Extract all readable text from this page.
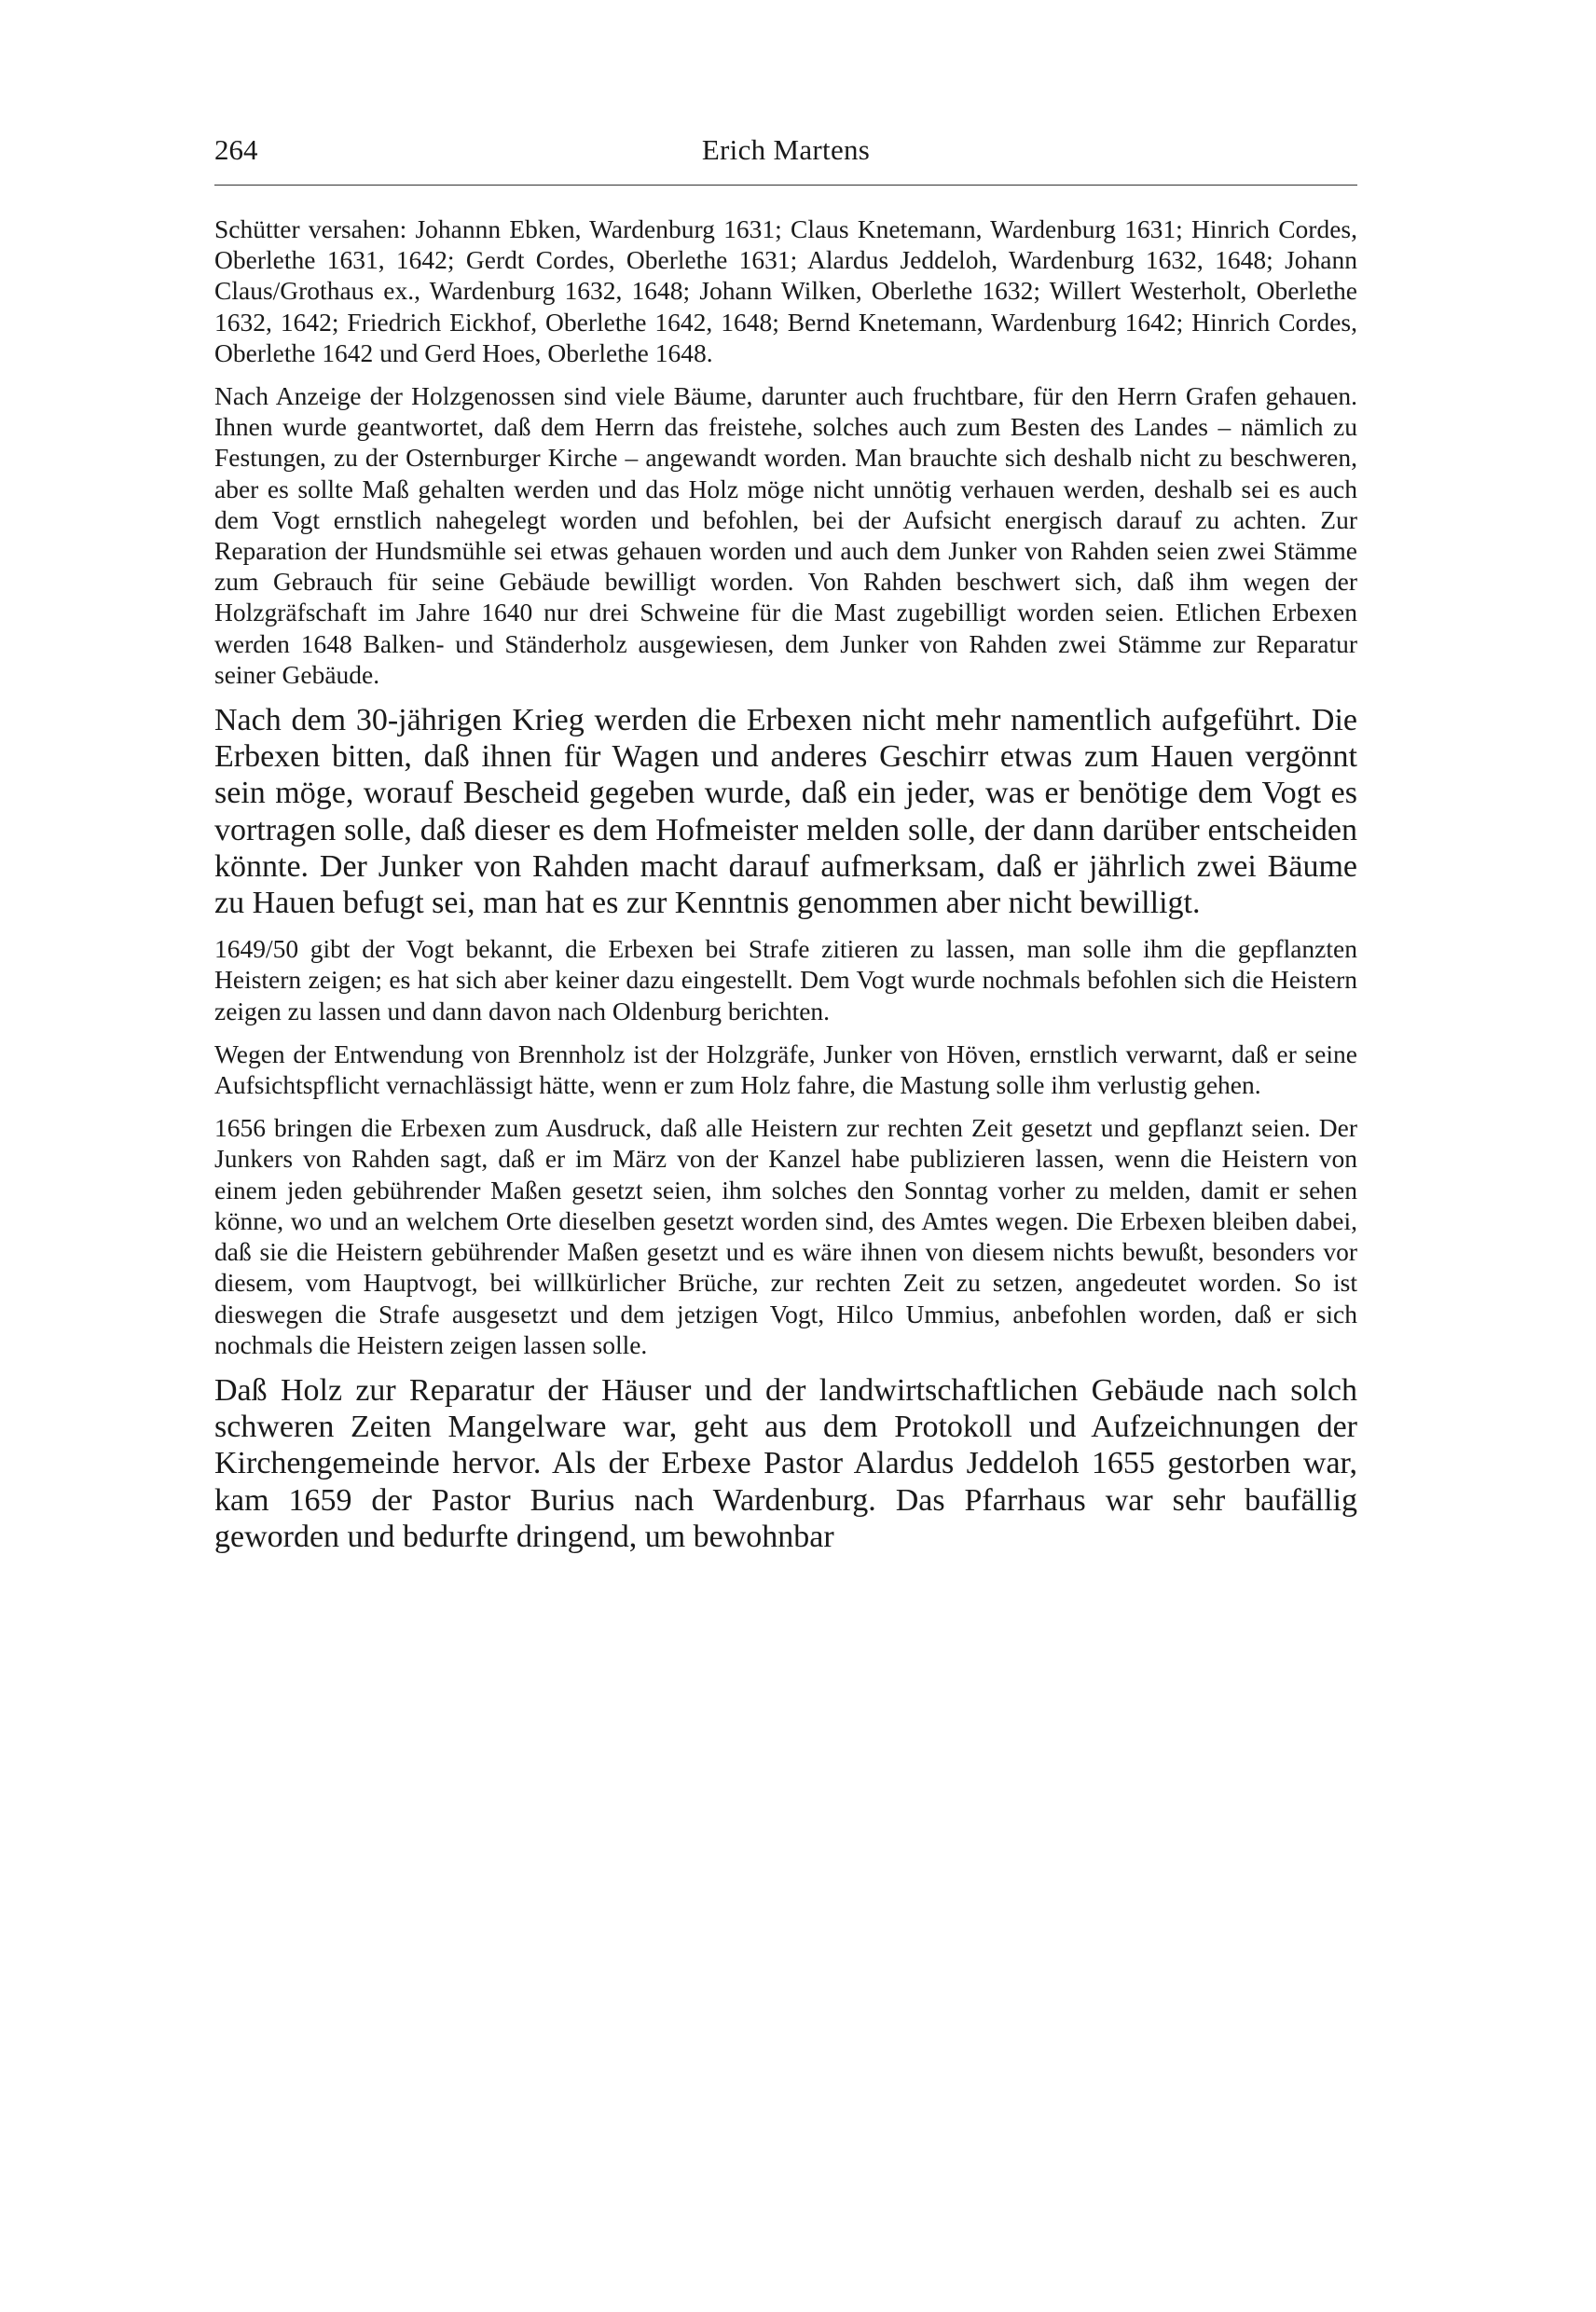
264	Erich Martens

Schütter versahen: Johannn Ebken, Wardenburg 1631; Claus Knetemann, Wardenburg 1631; Hinrich Cordes, Oberlethe 1631, 1642; Gerdt Cordes, Oberlethe 1631; Alardus Jeddeloh, Wardenburg 1632, 1648; Johann Claus/Grothaus ex., Wardenburg 1632, 1648; Johann Wilken, Oberlethe 1632; Willert Westerholt, Oberlethe 1632, 1642; Friedrich Eickhof, Oberlethe 1642, 1648; Bernd Knetemann, Wardenburg 1642; Hinrich Cordes, Oberlethe 1642 und Gerd Hoes, Oberlethe 1648.

Nach Anzeige der Holzgenossen sind viele Bäume, darunter auch fruchtbare, für den Herrn Grafen gehauen. Ihnen wurde geantwortet, daß dem Herrn das freistehe, solches auch zum Besten des Landes – nämlich zu Festungen, zu der Osternburger Kirche – angewandt worden. Man brauchte sich deshalb nicht zu beschweren, aber es sollte Maß gehalten werden und das Holz möge nicht unnötig verhauen werden, deshalb sei es auch dem Vogt ernstlich nahegelegt worden und befohlen, bei der Aufsicht energisch darauf zu achten. Zur Reparation der Hundsmühle sei etwas gehauen worden und auch dem Junker von Rahden seien zwei Stämme zum Gebrauch für seine Gebäude bewilligt worden. Von Rahden beschwert sich, daß ihm wegen der Holzgräfschaft im Jahre 1640 nur drei Schweine für die Mast zugebilligt worden seien. Etlichen Erbexen werden 1648 Balken- und Ständerholz ausgewiesen, dem Junker von Rahden zwei Stämme zur Reparatur seiner Gebäude.

Nach dem 30-jährigen Krieg werden die Erbexen nicht mehr namentlich aufgeführt. Die Erbexen bitten, daß ihnen für Wagen und anderes Geschirr etwas zum Hauen vergönnt sein möge, worauf Bescheid gegeben wurde, daß ein jeder, was er benötige dem Vogt es vortragen solle, daß dieser es dem Hofmeister melden solle, der dann darüber entscheiden könnte. Der Junker von Rahden macht darauf aufmerksam, daß er jährlich zwei Bäume zu Hauen befugt sei, man hat es zur Kenntnis genommen aber nicht bewilligt.

1649/50 gibt der Vogt bekannt, die Erbexen bei Strafe zitieren zu lassen, man solle ihm die gepflanzten Heistern zeigen; es hat sich aber keiner dazu eingestellt. Dem Vogt wurde nochmals befohlen sich die Heistern zeigen zu lassen und dann davon nach Oldenburg berichten.

Wegen der Entwendung von Brennholz ist der Holzgräfe, Junker von Höven, ernstlich verwarnt, daß er seine Aufsichtspflicht vernachlässigt hätte, wenn er zum Holz fahre, die Mastung solle ihm verlustig gehen.

1656 bringen die Erbexen zum Ausdruck, daß alle Heistern zur rechten Zeit gesetzt und gepflanzt seien. Der Junkers von Rahden sagt, daß er im März von der Kanzel habe publizieren lassen, wenn die Heistern von einem jeden gebührender Maßen gesetzt seien, ihm solches den Sonntag vorher zu melden, damit er sehen könne, wo und an welchem Orte dieselben gesetzt worden sind, des Amtes wegen. Die Erbexen bleiben dabei, daß sie die Heistern gebührender Maßen gesetzt und es wäre ihnen von diesem nichts bewußt, besonders vor diesem, vom Hauptvogt, bei willkürlicher Brüche, zur rechten Zeit zu setzen, angedeutet worden. So ist dieswegen die Strafe ausgesetzt und dem jetzigen Vogt, Hilco Ummius, anbefohlen worden, daß er sich nochmals die Heistern zeigen lassen solle.

Daß Holz zur Reparatur der Häuser und der landwirtschaftlichen Gebäude nach solch schweren Zeiten Mangelware war, geht aus dem Protokoll und Aufzeichnungen der Kirchengemeinde hervor. Als der Erbexe Pastor Alardus Jeddeloh 1655 gestorben war, kam 1659 der Pastor Burius nach Wardenburg. Das Pfarrhaus war sehr baufällig geworden und bedurfte dringend, um bewohnbar
